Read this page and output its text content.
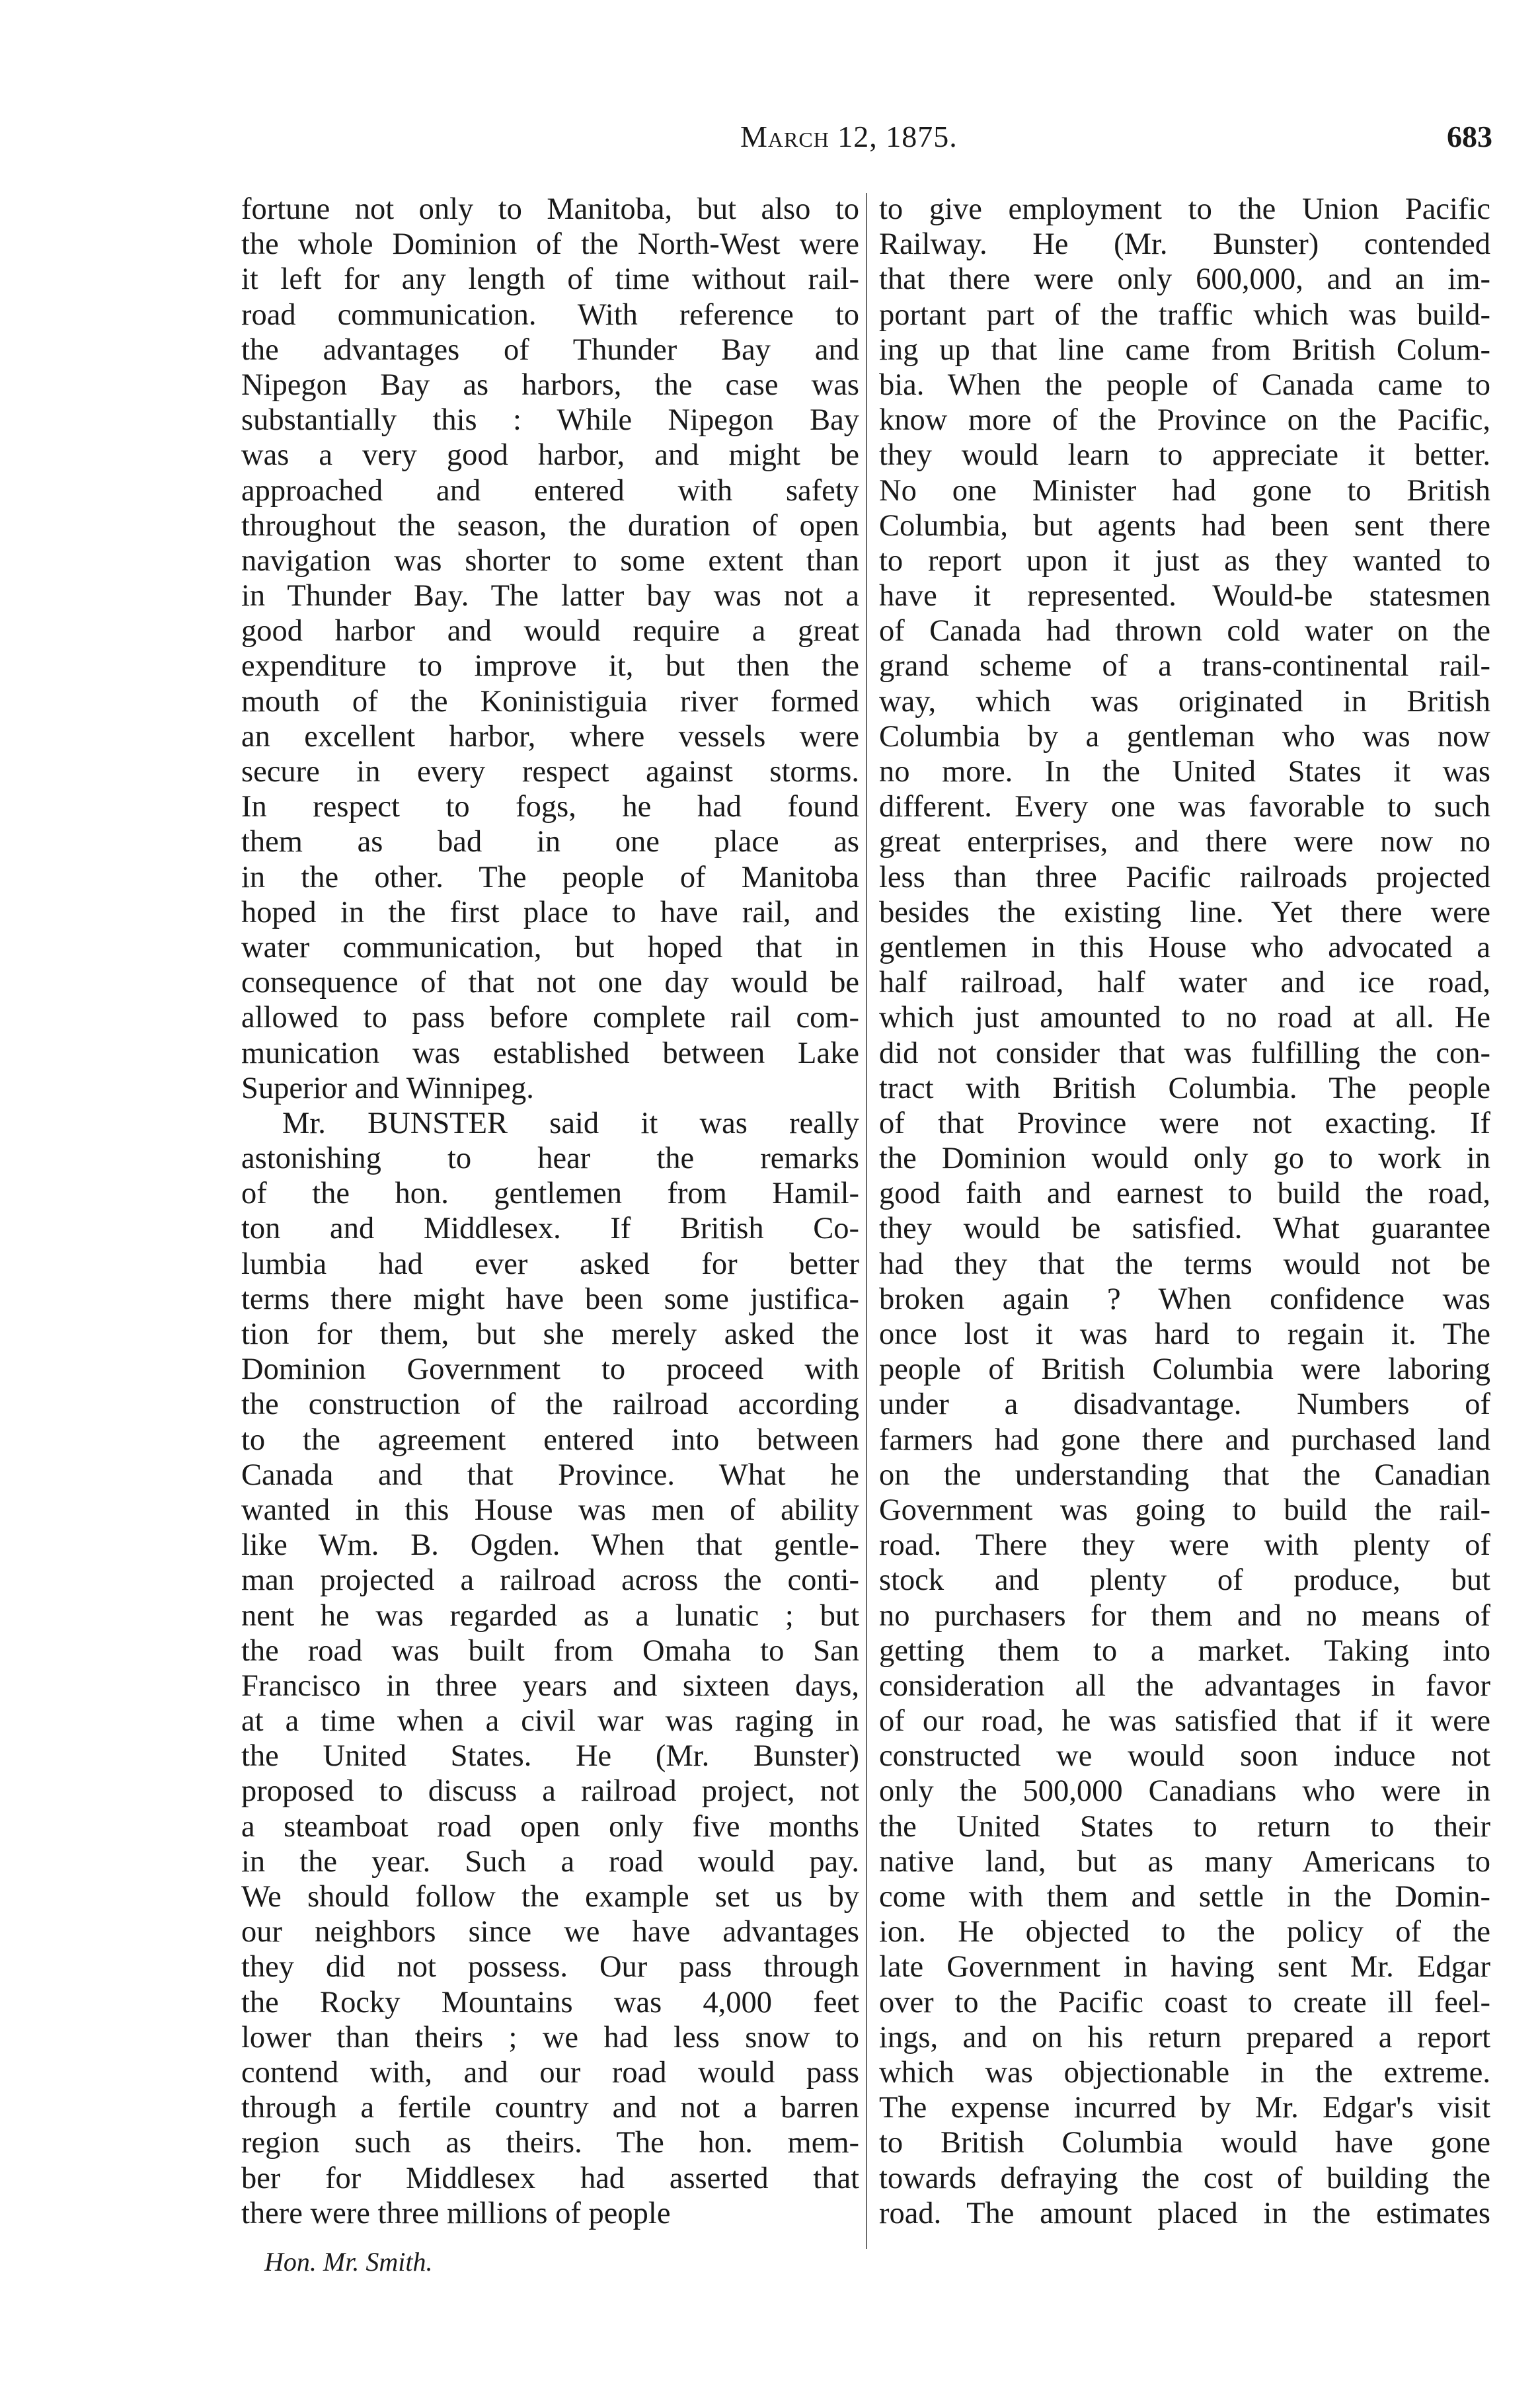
March 12, 1875.	683
fortune not only to Manitoba, but also to
the whole Dominion of the North-West were
it left for any length of time without rail-
road communication. With reference to
the advantages of Thunder Bay and
Nipegon Bay as harbors, the case was
substantially this : While Nipegon Bay
was a very good harbor, and might be
approached and entered with safety
throughout the season, the duration of open
navigation was shorter to some extent than
in Thunder Bay. The latter bay was not a
good harbor and would require a great
expenditure to improve it, but then the
mouth of the Koninistiguia river formed
an excellent harbor, where vessels were
secure in every respect against storms.
In respect to fogs, he had found
them as bad in one place as
in the other. The people of Manitoba
hoped in the first place to have rail, and
water communication, but hoped that in
consequence of that not one day would be
allowed to pass before complete rail com-
munication was established between Lake
Superior and Winnipeg.
Mr. BUNSTER said it was really
astonishing to hear the remarks
of the hon. gentlemen from Hamil-
ton and Middlesex. If British Co-
lumbia had ever asked for better
terms there might have been some justifica-
tion for them, but she merely asked the
Dominion Government to proceed with
the construction of the railroad according
to the agreement entered into between
Canada and that Province. What he
wanted in this House was men of ability
like Wm. B. Ogden. When that gentle-
man projected a railroad across the conti-
nent he was regarded as a lunatic ; but
the road was built from Omaha to San
Francisco in three years and sixteen days,
at a time when a civil war was raging in
the United States. He (Mr. Bunster)
proposed to discuss a railroad project, not
a steamboat road open only five months
in the year. Such a road would pay.
We should follow the example set us by
our neighbors since we have advantages
they did not possess. Our pass through
the Rocky Mountains was 4,000 feet
lower than theirs ; we had less snow to
contend with, and our road would pass
through a fertile country and not a barren
region such as theirs. The hon. mem-
ber for Middlesex had asserted that
there were three millions of people
to give employment to the Union Pacific
Railway. He (Mr. Bunster) contended
that there were only 600,000, and an im-
portant part of the traffic which was build-
ing up that line came from British Colum-
bia. When the people of Canada came to
know more of the Province on the Pacific,
they would learn to appreciate it better.
No one Minister had gone to British
Columbia, but agents had been sent there
to report upon it just as they wanted to
have it represented. Would-be statesmen
of Canada had thrown cold water on the
grand scheme of a trans-continental rail-
way, which was originated in British
Columbia by a gentleman who was now
no more. In the United States it was
different. Every one was favorable to such
great enterprises, and there were now no
less than three Pacific railroads projected
besides the existing line. Yet there were
gentlemen in this House who advocated a
half railroad, half water and ice road,
which just amounted to no road at all. He
did not consider that was fulfilling the con-
tract with British Columbia. The people
of that Province were not exacting. If
the Dominion would only go to work in
good faith and earnest to build the road,
they would be satisfied. What guarantee
had they that the terms would not be
broken again ? When confidence was
once lost it was hard to regain it. The
people of British Columbia were laboring
under a disadvantage. Numbers of
farmers had gone there and purchased land
on the understanding that the Canadian
Government was going to build the rail-
road. There they were with plenty of
stock and plenty of produce, but
no purchasers for them and no means of
getting them to a market. Taking into
consideration all the advantages in favor
of our road, he was satisfied that if it were
constructed we would soon induce not
only the 500,000 Canadians who were in
the United States to return to their
native land, but as many Americans to
come with them and settle in the Domin-
ion. He objected to the policy of the
late Government in having sent Mr. Edgar
over to the Pacific coast to create ill feel-
ings, and on his return prepared a report
which was objectionable in the extreme.
The expense incurred by Mr. Edgar's visit
to British Columbia would have gone
towards defraying the cost of building the
road. The amount placed in the estimates
Hon. Mr. Smith.
